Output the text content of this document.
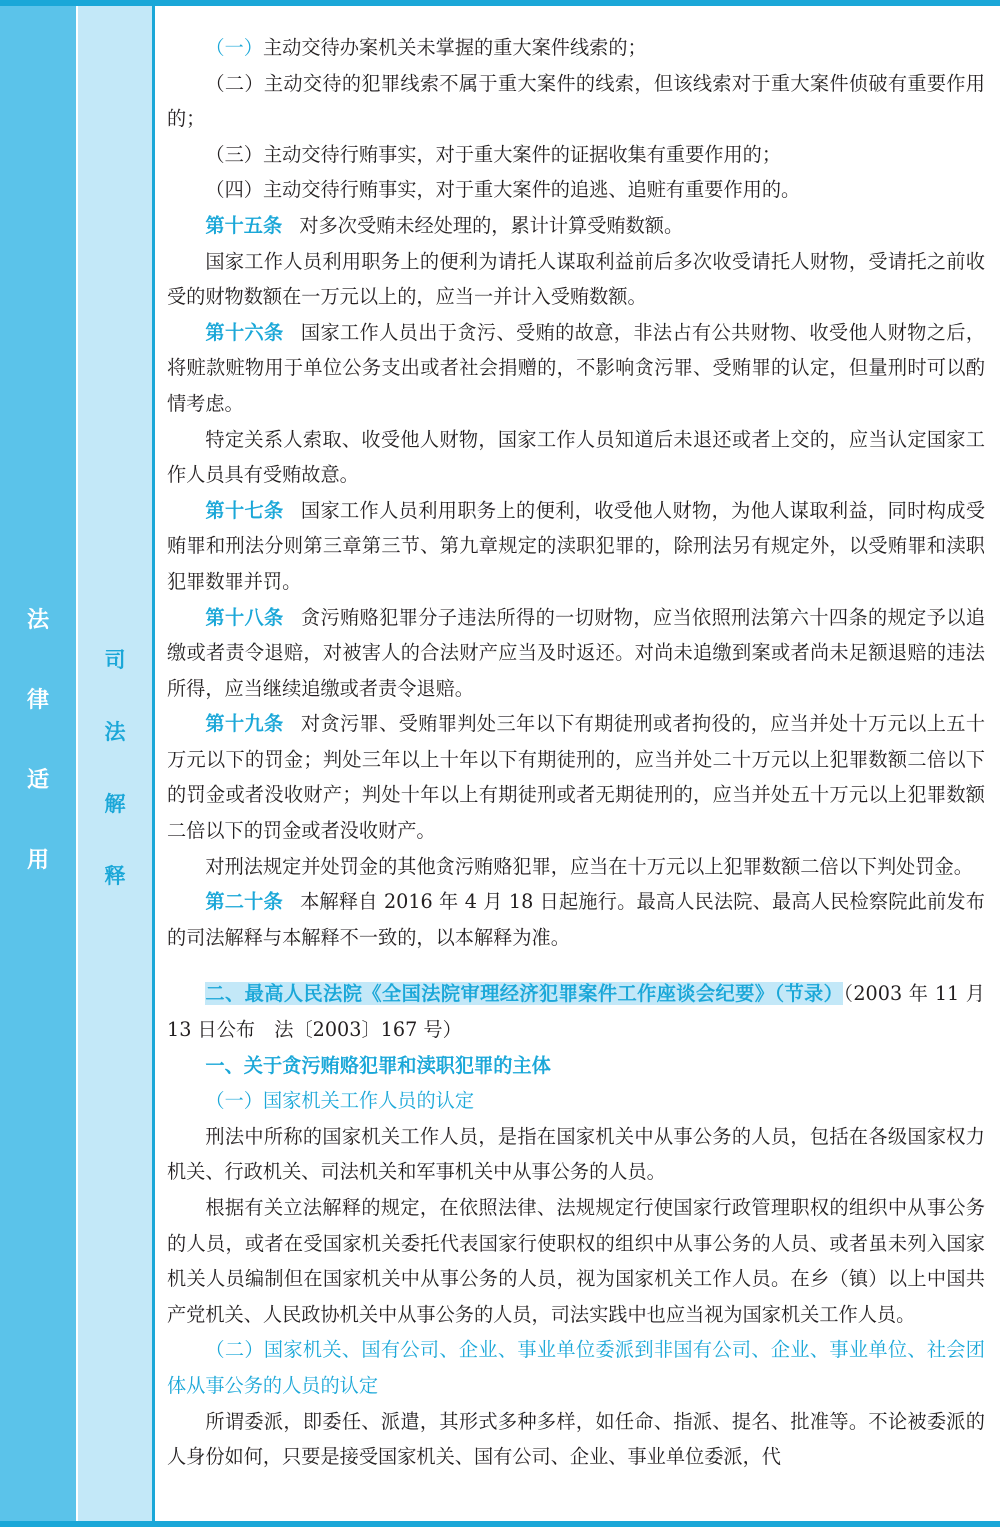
法
律
适
用
司
法
解
释

（一）主动交待办案机关未掌握的重大案件线索的；

（二）主动交待的犯罪线索不属于重大案件的线索，但该线索对于重大案件侦破有重要作用的；

（三）主动交待行贿事实，对于重大案件的证据收集有重要作用的；

（四）主动交待行贿事实，对于重大案件的追逃、追赃有重要作用的。

第十五条 对多次受贿未经处理的，累计计算受贿数额。

国家工作人员利用职务上的便利为请托人谋取利益前后多次收受请托人财物，受请托之前收受的财物数额在一万元以上的，应当一并计入受贿数额。

第十六条 国家工作人员出于贪污、受贿的故意，非法占有公共财物、收受他人财物之后，将赃款赃物用于单位公务支出或者社会捐赠的，不影响贪污罪、受贿罪的认定，但量刑时可以酌情考虑。

特定关系人索取、收受他人财物，国家工作人员知道后未退还或者上交的，应当认定国家工作人员具有受贿故意。

第十七条 国家工作人员利用职务上的便利，收受他人财物，为他人谋取利益，同时构成受贿罪和刑法分则第三章第三节、第九章规定的渎职犯罪的，除刑法另有规定外，以受贿罪和渎职犯罪数罪并罚。

第十八条 贪污贿赂犯罪分子违法所得的一切财物，应当依照刑法第六十四条的规定予以追缴或者责令退赔，对被害人的合法财产应当及时返还。对尚未追缴到案或者尚未足额退赔的违法所得，应当继续追缴或者责令退赔。

第十九条 对贪污罪、受贿罪判处三年以下有期徒刑或者拘役的，应当并处十万元以上五十万元以下的罚金；判处三年以上十年以下有期徒刑的，应当并处二十万元以上犯罪数额二倍以下的罚金或者没收财产；判处十年以上有期徒刑或者无期徒刑的，应当并处五十万元以上犯罪数额二倍以下的罚金或者没收财产。

对刑法规定并处罚金的其他贪污贿赂犯罪，应当在十万元以上犯罪数额二倍以下判处罚金。

第二十条 本解释自 2016 年 4 月 18 日起施行。最高人民法院、最高人民检察院此前发布的司法解释与本解释不一致的，以本解释为准。

二、最高人民法院《全国法院审理经济犯罪案件工作座谈会纪要》（节录）（2003 年 11 月 13 日公布　法〔2003〕167 号）

一、关于贪污贿赂犯罪和渎职犯罪的主体

（一）国家机关工作人员的认定

刑法中所称的国家机关工作人员，是指在国家机关中从事公务的人员，包括在各级国家权力机关、行政机关、司法机关和军事机关中从事公务的人员。

根据有关立法解释的规定，在依照法律、法规规定行使国家行政管理职权的组织中从事公务的人员，或者在受国家机关委托代表国家行使职权的组织中从事公务的人员、或者虽未列入国家机关人员编制但在国家机关中从事公务的人员，视为国家机关工作人员。在乡（镇）以上中国共产党机关、人民政协机关中从事公务的人员，司法实践中也应当视为国家机关工作人员。

（二）国家机关、国有公司、企业、事业单位委派到非国有公司、企业、事业单位、社会团体从事公务的人员的认定

所谓委派，即委任、派遣，其形式多种多样，如任命、指派、提名、批准等。不论被委派的人身份如何，只要是接受国家机关、国有公司、企业、事业单位委派，代
